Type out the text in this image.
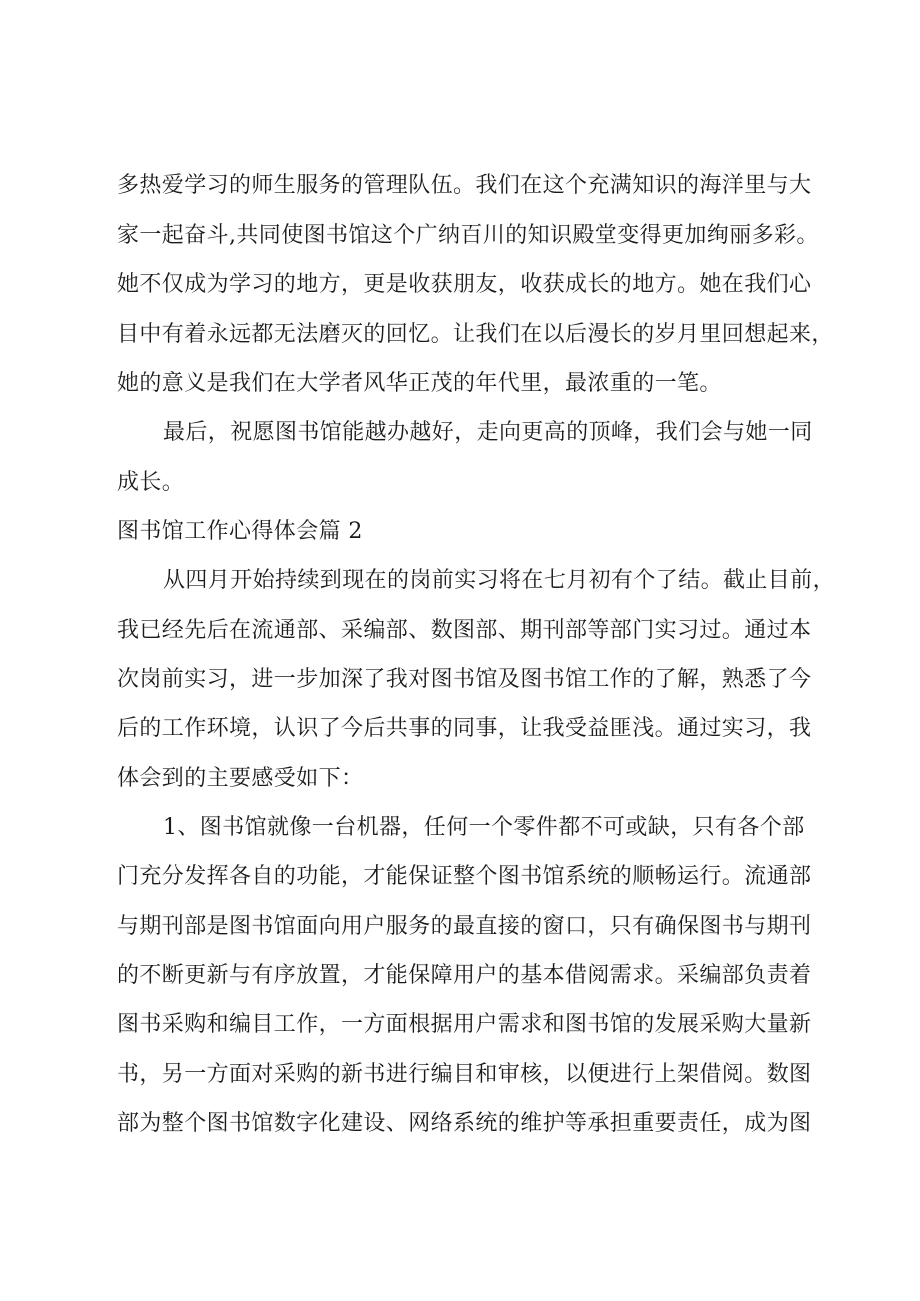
多热爱学习的师生服务的管理队伍。我们在这个充满知识的海洋里与大
家一起奋斗,共同使图书馆这个广纳百川的知识殿堂变得更加绚丽多彩。
她不仅成为学习的地方，更是收获朋友，收获成长的地方。她在我们心
目中有着永远都无法磨灭的回忆。让我们在以后漫长的岁月里回想起来，
她的意义是我们在大学者风华正茂的年代里，最浓重的一笔。
最后，祝愿图书馆能越办越好，走向更高的顶峰，我们会与她一同
成长。
图书馆工作心得体会篇 2
从四月开始持续到现在的岗前实习将在七月初有个了结。截止目前，
我已经先后在流通部、采编部、数图部、期刊部等部门实习过。通过本
次岗前实习，进一步加深了我对图书馆及图书馆工作的了解，熟悉了今
后的工作环境，认识了今后共事的同事，让我受益匪浅。通过实习，我
体会到的主要感受如下：
1、图书馆就像一台机器，任何一个零件都不可或缺，只有各个部
门充分发挥各自的功能，才能保证整个图书馆系统的顺畅运行。流通部
与期刊部是图书馆面向用户服务的最直接的窗口，只有确保图书与期刊
的不断更新与有序放置，才能保障用户的基本借阅需求。采编部负责着
图书采购和编目工作，一方面根据用户需求和图书馆的发展采购大量新
书，另一方面对采购的新书进行编目和审核，以便进行上架借阅。数图
部为整个图书馆数字化建设、网络系统的维护等承担重要责任，成为图
